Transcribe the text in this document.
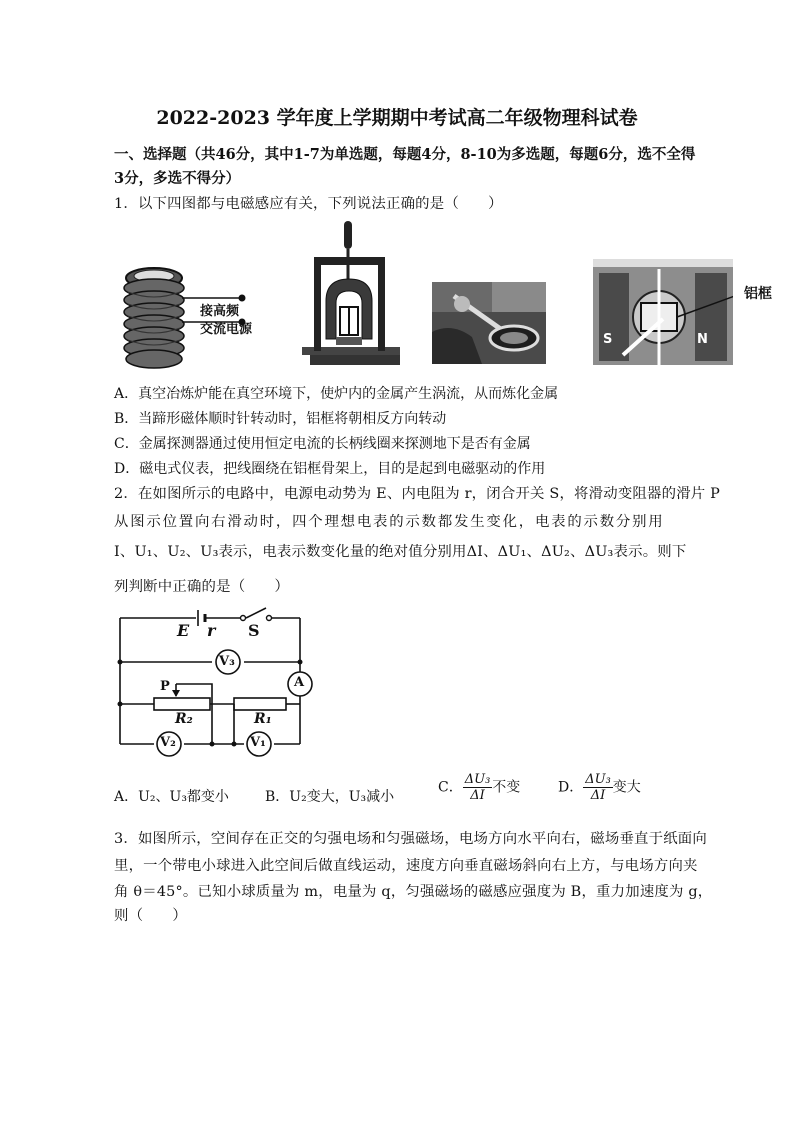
2022-2023 学年度上学期期中考试高二年级物理科试卷
一、选择题（共46分，其中1-7为单选题，每题4分，8-10为多选题，每题6分，选不全得
3分，多选不得分）
1．以下四图都与电磁感应有关，下列说法正确的是（　　）
接高频
交流电源
S	N
铝框
A．真空冶炼炉能在真空环境下，使炉内的金属产生涡流，从而炼化金属
B．当蹄形磁体顺时针转动时，铝框将朝相反方向转动
C．金属探测器通过使用恒定电流的长柄线圈来探测地下是否有金属
D．磁电式仪表，把线圈绕在铝框骨架上，目的是起到电磁驱动的作用
2．在如图所示的电路中，电源电动势为 E、内电阻为 r，闭合开关 S，将滑动变阻器的滑片 P
从图示位置向右滑动时，四个理想电表的示数都发生变化，电表的示数分别用
I、U₁、U₂、U₃表示，电表示数变化量的绝对值分别用ΔI、ΔU₁、ΔU₂、ΔU₃表示。则下
列判断中正确的是（　　）
E r S
V₃
A
P
R₂	R₁
V₂	V₁
A．U₂、U₃都变小	B．U₂变大，U₃减小
C． $\frac{\text{ΔU₃}}{\Delta I}$ 不变	D． $\frac{\text{ΔU₃}}{\Delta I}$ 变大
3．如图所示，空间存在正交的匀强电场和匀强磁场，电场方向水平向右，磁场垂直于纸面向
里，一个带电小球进入此空间后做直线运动，速度方向垂直磁场斜向右上方，与电场方向夹
角 θ＝45°。已知小球质量为 m，电量为 q，匀强磁场的磁感应强度为 B，重力加速度为 g，
则（　　）
